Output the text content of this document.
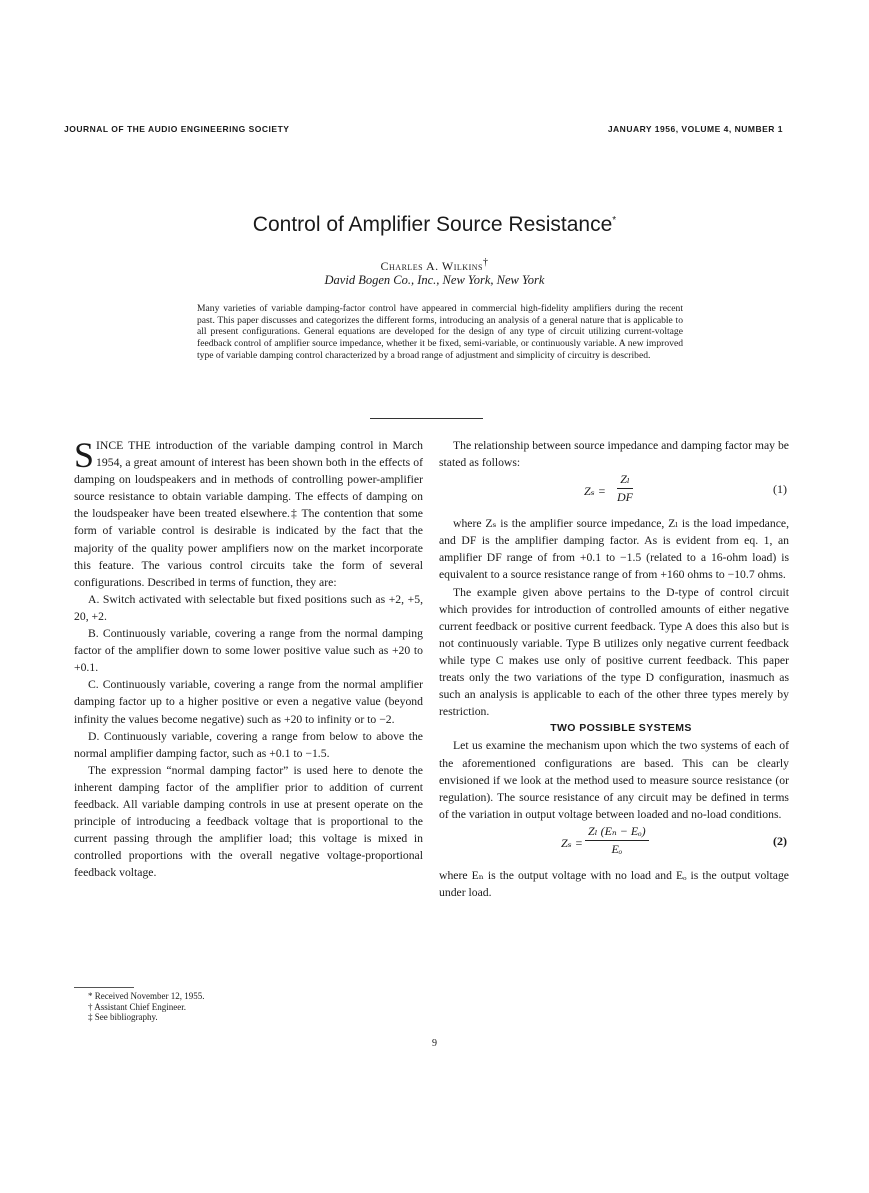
JOURNAL OF THE AUDIO ENGINEERING SOCIETY	JANUARY 1956, VOLUME 4, NUMBER 1
Control of Amplifier Source Resistance*
Charles A. Wilkins†
David Bogen Co., Inc., New York, New York

Many varieties of variable damping-factor control have appeared in commercial high-fidelity amplifiers during the recent past. This paper discusses and categorizes the different forms, introducing an analysis of a general nature that is applicable to all present configurations. General equations are developed for the design of any type of circuit utilizing current-voltage feedback control of amplifier source impedance, whether it be fixed, semi-variable, or continuously variable. A new improved type of variable damping control characterized by a broad range of adjustment and simplicity of circuitry is described.

SINCE THE introduction of the variable damping control in March 1954, a great amount of interest has been shown both in the effects of damping on loudspeakers and in methods of controlling power-amplifier source resistance to obtain variable damping. The effects of damping on the loudspeaker have been treated elsewhere.‡ The contention that some form of variable control is desirable is indicated by the fact that the majority of the quality power amplifiers now on the market incorporate this feature. The various control circuits take the form of several configurations. Described in terms of function, they are:

A. Switch activated with selectable but fixed positions such as +2, +5, 20, +2.

B. Continuously variable, covering a range from the normal damping factor of the amplifier down to some lower positive value such as +20 to +0.1.

C. Continuously variable, covering a range from the normal amplifier damping factor up to a higher positive or even a negative value (beyond infinity the values become negative) such as +20 to infinity or to −2.

D. Continuously variable, covering a range from below to above the normal amplifier damping factor, such as +0.1 to −1.5.

The expression “normal damping factor” is used here to denote the inherent damping factor of the amplifier prior to addition of current feedback. All variable damping controls in use at present operate on the principle of introducing a feedback voltage that is proportional to the current passing through the amplifier load; this voltage is mixed in controlled proportions with the overall negative voltage-proportional feedback voltage.

* Received November 12, 1955.
† Assistant Chief Engineer.
‡ See bibliography.

The relationship between source impedance and damping factor may be stated as follows:

$Z_s = \frac{\text{Zₗ}}{DF}$	(1)

where Zₛ is the amplifier source impedance, Zₗ is the load impedance, and DF is the amplifier damping factor. As is evident from eq. 1, an amplifier DF range of from +0.1 to −1.5 (related to a 16-ohm load) is equivalent to a source resistance range of from +160 ohms to −10.7 ohms.

The example given above pertains to the D-type of control circuit which provides for introduction of controlled amounts of either negative current feedback or positive current feedback. Type A does this also but is not continuously variable. Type B utilizes only negative current feedback while type C makes use only of positive current feedback. This paper treats only the two variations of the type D configuration, inasmuch as such an analysis is applicable to each of the other three types merely by restriction.

TWO POSSIBLE SYSTEMS

Let us examine the mechanism upon which the two systems of each of the aforementioned configurations are based. This can be clearly envisioned if we look at the method used to measure source resistance (or regulation). The source resistance of any circuit may be defined in terms of the variation in output voltage between loaded and no-load conditions.

$Z_s = \frac{\text{Zₗ (Eₙ − Eₒ)}}{\text{Eₒ}}$	(2)

where Eₙ is the output voltage with no load and Eₒ is the output voltage under load.

9
